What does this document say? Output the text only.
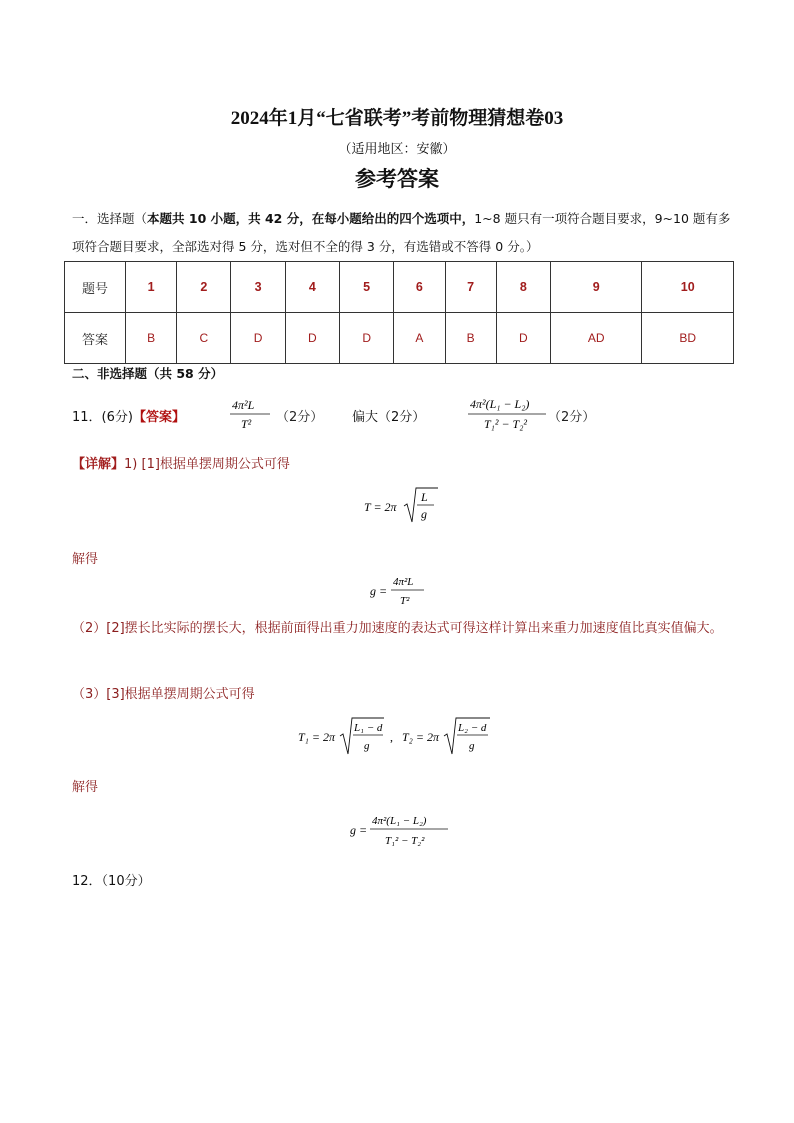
2024年1月“七省联考”考前物理猜想卷03
（适用地区：安徽）
参考答案
一．选择题（本题共 10 小题，共 42 分，在每小题给出的四个选项中，1~8 题只有一项符合题目要求，9~10 题有多项符合题目要求，全部选对得 5 分，选对但不全的得 3 分，有选错或不答得 0 分。）
题号	1	2	3	4	5	6	7	8	9	10
答案	B	C	D	D	D	A	B	D	AD	BD
二、非选择题（共 58 分）
11．(6分)【答案】
4π²L
T² （2分） 偏大（2分）
4π²(L₁ − L₂)
T₁² − T₂² （2分）
【详解】1) [1]根据单摆周期公式可得
T = 2π
L
g
解得
g =
4π²L
T²
（2）[2]摆长比实际的摆长大，根据前面得出重力加速度的表达式可得这样计算出来重力加速度值比真实值偏大。
（3）[3]根据单摆周期公式可得
T₁ = 2π
L₁ − d
g
, T₂ = 2π
L₂ − d
g
解得
g =
4π²(L₁ − L₂)
T₁² − T₂²
12．（10分）
